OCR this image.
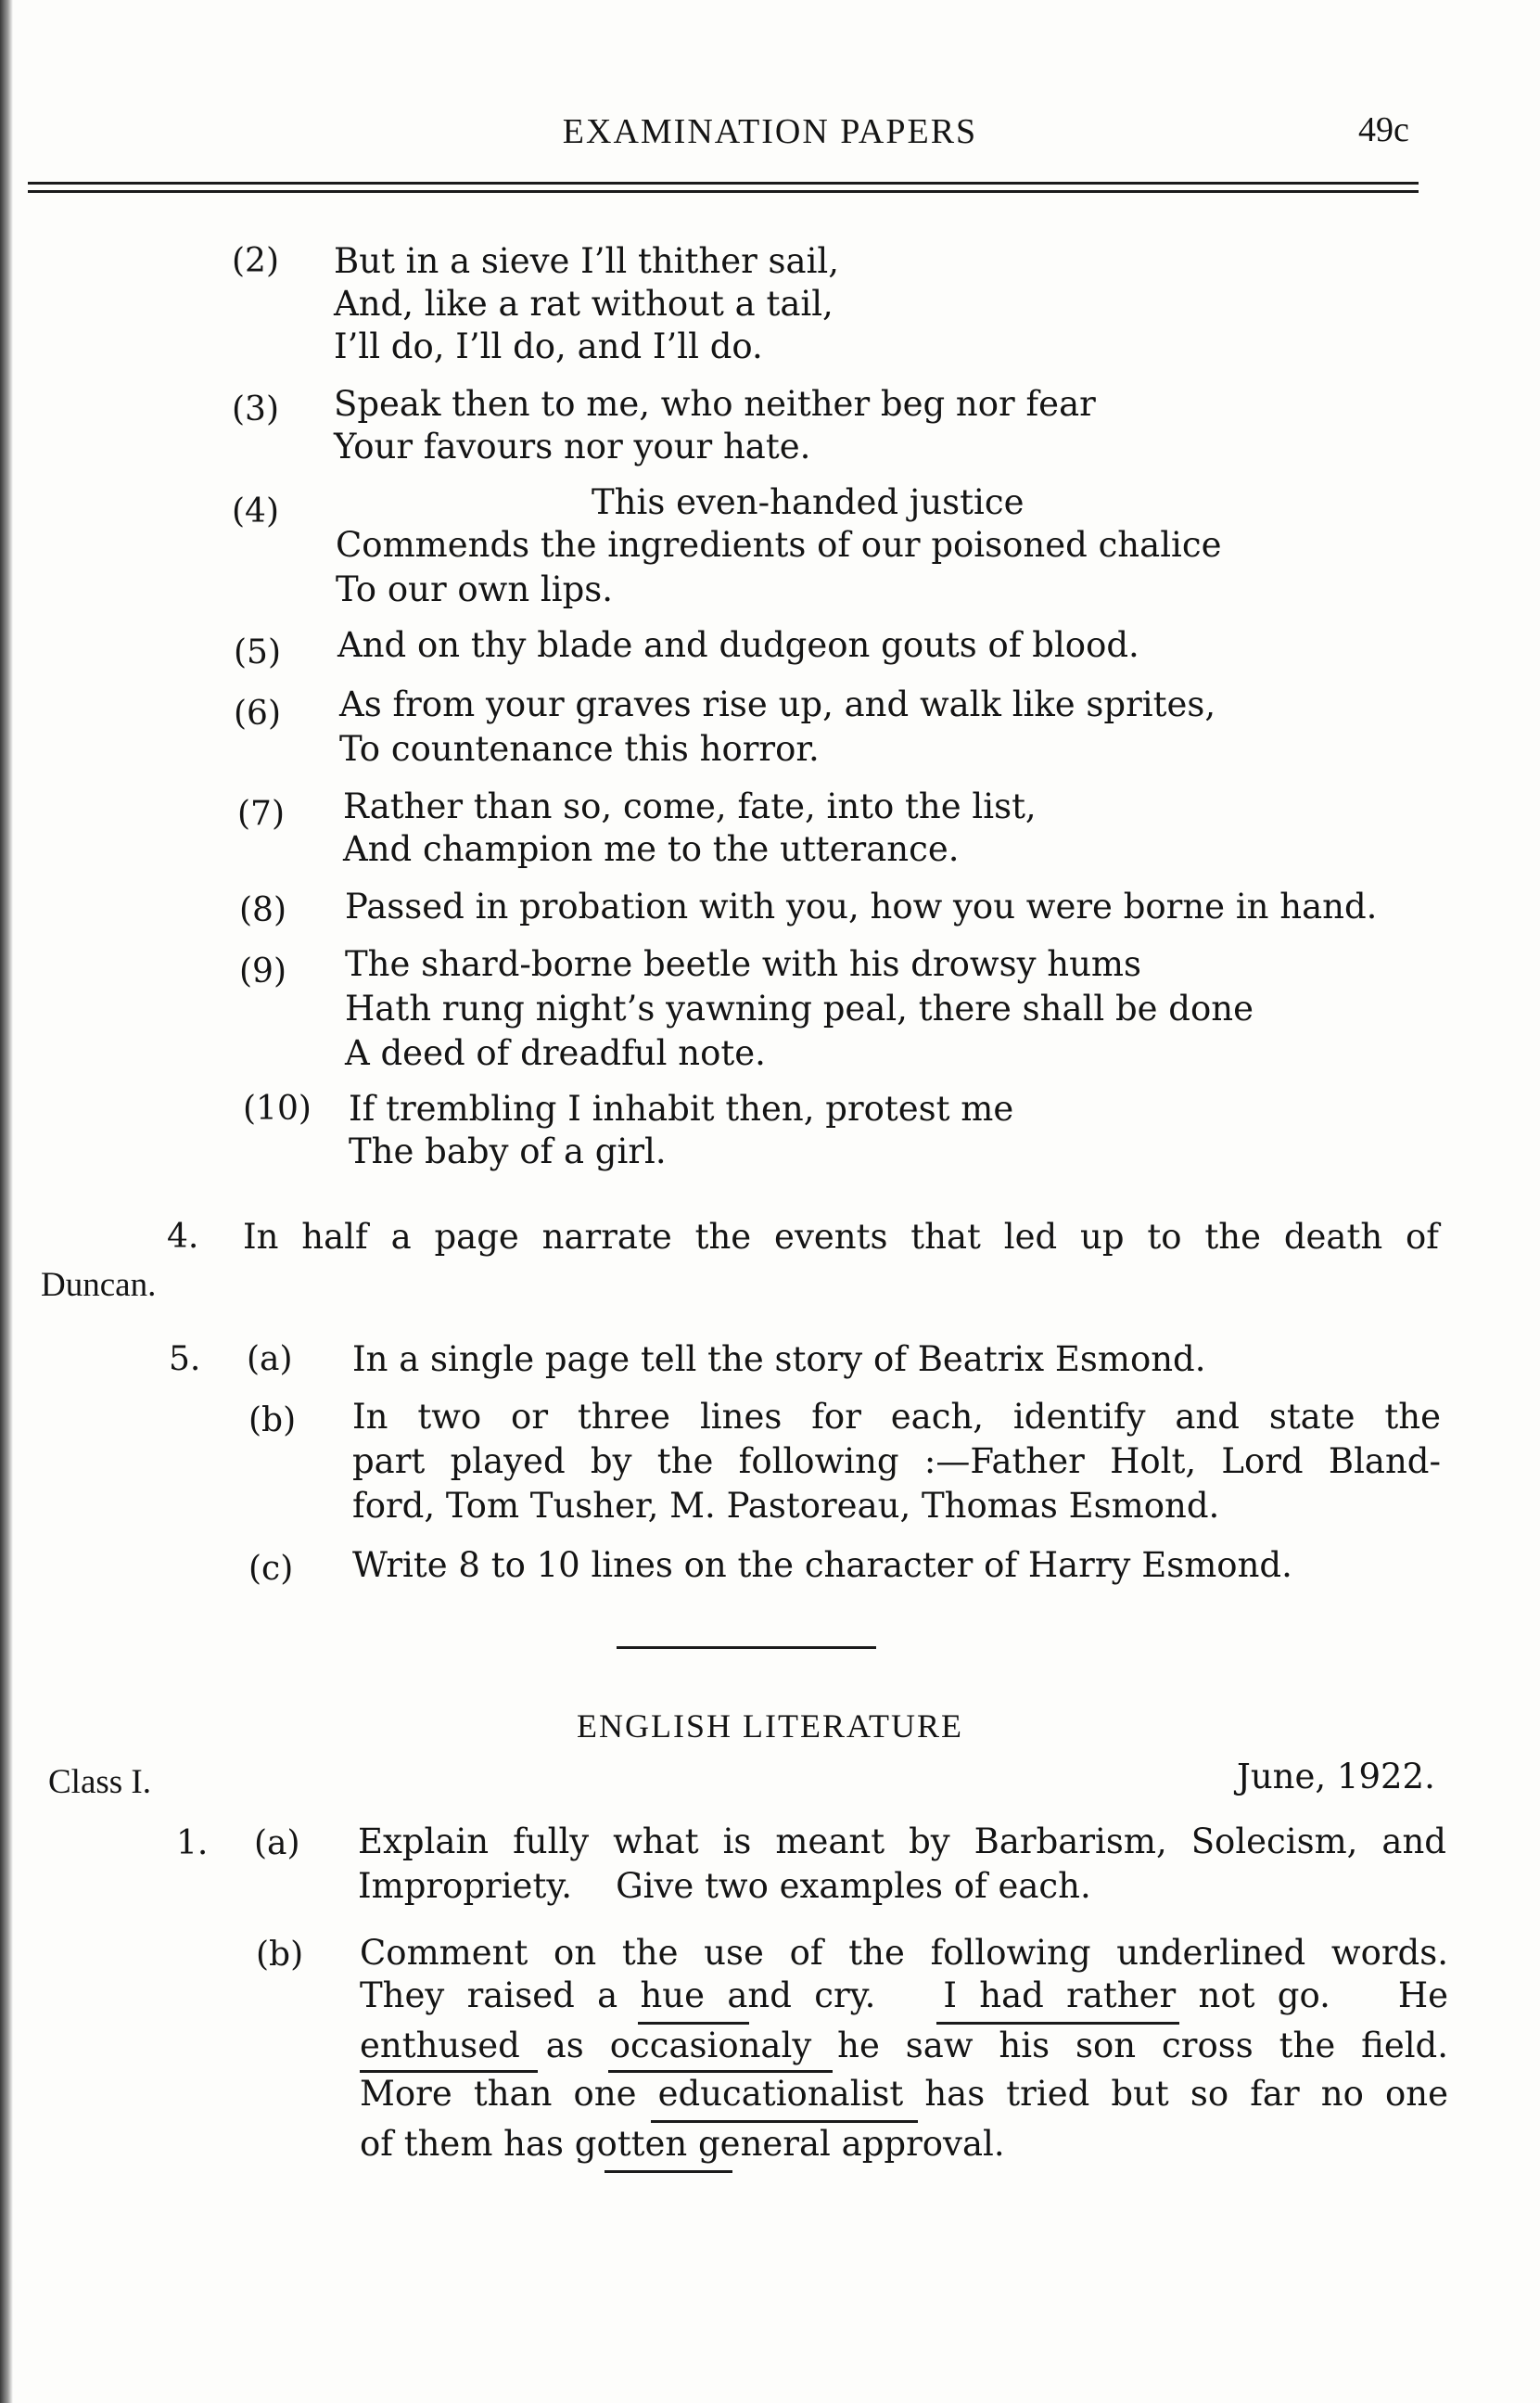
EXAMINATION PAPERS	49c
(2) But in a sieve I’ll thither sail,
And, like a rat without a tail,
I’ll do, I’ll do, and I’ll do.
(3) Speak then to me, who neither beg nor fear
Your favours nor your hate.
(4)	This even-handed justice
Commends the ingredients of our poisoned chalice
To our own lips.
(5) And on thy blade and dudgeon gouts of blood.
(6) As from your graves rise up, and walk like sprites,
To countenance this horror.
(7) Rather than so, come, fate, into the list,
And champion me to the utterance.
(8) Passed in probation with you, how you were borne in hand.
(9) The shard-borne beetle with his drowsy hums
Hath rung night’s yawning peal, there shall be done
A deed of dreadful note.
(10) If trembling I inhabit then, protest me
The baby of a girl.
4. In half a page narrate the events that led up to the death of
Duncan.
5. (a) In a single page tell the story of Beatrix Esmond.
(b) In two or three lines for each, identify and state the
part played by the following :—Father Holt, Lord Bland-
ford, Tom Tusher, M. Pastoreau, Thomas Esmond.
(c) Write 8 to 10 lines on the character of Harry Esmond.
ENGLISH LITERATURE
Class I.	June, 1922.
1. (a) Explain fully what is meant by Barbarism, Solecism, and
Impropriety.    Give two examples of each.
(b) Comment on the use of the following underlined words.
They raised a hue and cry.   I had rather not go.   He
enthused as occasionaly he saw his son cross the field.
More than one educationalist has tried but so far no one
of them has gotten general approval.
